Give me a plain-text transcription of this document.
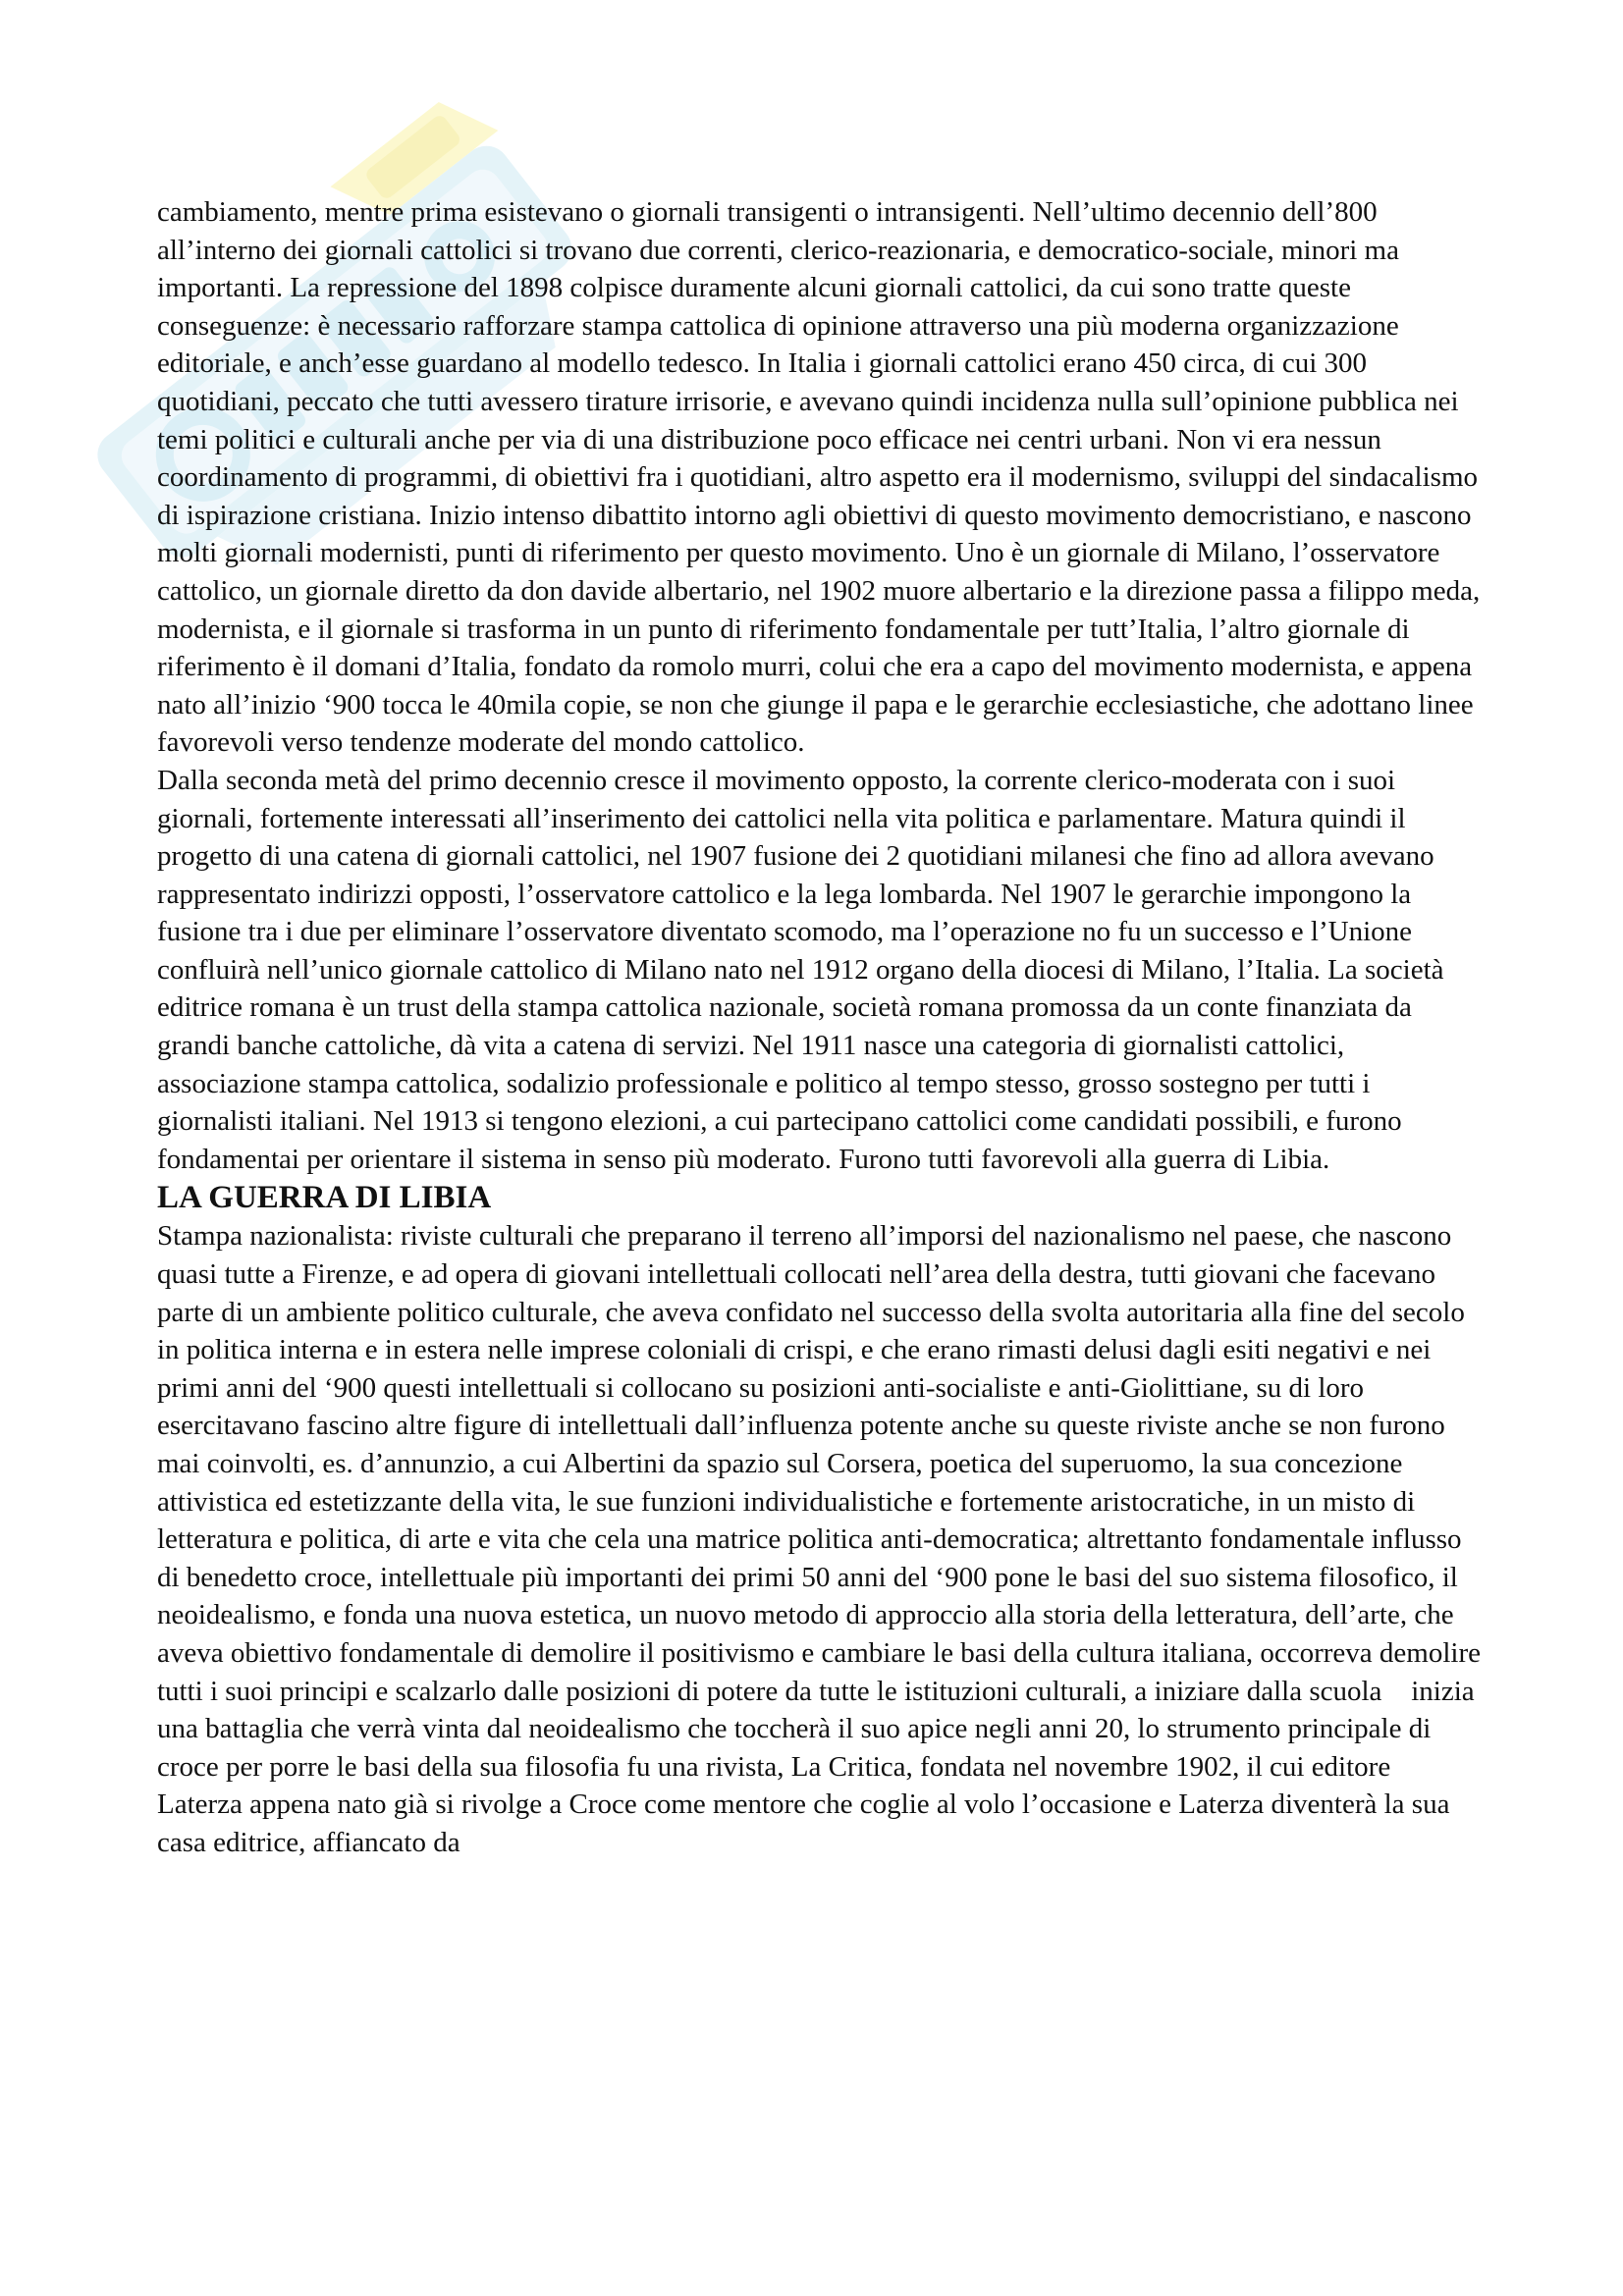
cambiamento, mentre prima esistevano o giornali transigenti o intransigenti. Nell’ultimo decennio dell’800 all’interno dei giornali cattolici si trovano due correnti, clerico-reazionaria, e democratico-sociale, minori ma importanti. La repressione del 1898 colpisce duramente alcuni giornali cattolici, da cui sono tratte queste conseguenze: è necessario rafforzare stampa cattolica di opinione attraverso una più moderna organizzazione editoriale, e anch’esse guardano al modello tedesco. In Italia i giornali cattolici erano 450 circa, di cui 300 quotidiani, peccato che tutti avessero tirature irrisorie, e avevano quindi incidenza nulla sull’opinione pubblica nei temi politici e culturali anche per via di una distribuzione poco efficace nei centri urbani. Non vi era nessun coordinamento di programmi, di obiettivi fra i quotidiani, altro aspetto era il modernismo, sviluppi del sindacalismo di ispirazione cristiana. Inizio intenso dibattito intorno agli obiettivi di questo movimento democristiano, e nascono molti giornali modernisti, punti di riferimento per questo movimento. Uno è un giornale di Milano, l’osservatore cattolico, un giornale diretto da don davide albertario, nel 1902 muore albertario e la direzione passa a filippo meda, modernista, e il giornale si trasforma in un punto di riferimento fondamentale per tutt’Italia, l’altro giornale di riferimento è il domani d’Italia, fondato da romolo murri, colui che era a capo del movimento modernista, e appena nato all’inizio ‘900 tocca le 40mila copie, se non che giunge il papa e le gerarchie ecclesiastiche, che adottano linee favorevoli verso tendenze moderate del mondo cattolico.

Dalla seconda metà del primo decennio cresce il movimento opposto, la corrente clerico-moderata con i suoi giornali, fortemente interessati all’inserimento dei cattolici nella vita politica e parlamentare. Matura quindi il progetto di una catena di giornali cattolici, nel 1907 fusione dei 2 quotidiani milanesi che fino ad allora avevano rappresentato indirizzi opposti, l’osservatore cattolico e la lega lombarda. Nel 1907 le gerarchie impongono la fusione tra i due per eliminare l’osservatore diventato scomodo, ma l’operazione no fu un successo e l’Unione confluirà nell’unico giornale cattolico di Milano nato nel 1912 organo della diocesi di Milano, l’Italia. La società editrice romana è un trust della stampa cattolica nazionale, società romana promossa da un conte finanziata da grandi banche cattoliche, dà vita a catena di servizi. Nel 1911 nasce una categoria di giornalisti cattolici, associazione stampa cattolica, sodalizio professionale e politico al tempo stesso, grosso sostegno per tutti i giornalisti italiani. Nel 1913 si tengono elezioni, a cui partecipano cattolici come candidati possibili, e furono fondamentai per orientare il sistema in senso più moderato. Furono tutti favorevoli alla guerra di Libia.

LA GUERRA DI LIBIA

Stampa nazionalista: riviste culturali che preparano il terreno all’imporsi del nazionalismo nel paese, che nascono quasi tutte a Firenze, e ad opera di giovani intellettuali collocati nell’area della destra, tutti giovani che facevano parte di un ambiente politico culturale, che aveva confidato nel successo della svolta autoritaria alla fine del secolo in politica interna e in estera nelle imprese coloniali di crispi, e che erano rimasti delusi dagli esiti negativi e nei primi anni del ‘900 questi intellettuali si collocano su posizioni anti-socialiste e anti-Giolittiane, su di loro esercitavano fascino altre figure di intellettuali dall’influenza potente anche su queste riviste anche se non furono mai coinvolti, es. d’annunzio, a cui Albertini da spazio sul Corsera, poetica del superuomo, la sua concezione attivistica ed estetizzante della vita, le sue funzioni individualistiche e fortemente aristocratiche, in un misto di letteratura e politica, di arte e vita che cela una matrice politica anti-democratica; altrettanto fondamentale influsso di benedetto croce, intellettuale più importanti dei primi 50 anni del ‘900 pone le basi del suo sistema filosofico, il neoidealismo, e fonda una nuova estetica, un nuovo metodo di approccio alla storia della letteratura, dell’arte, che aveva obiettivo fondamentale di demolire il positivismo e cambiare le basi della cultura italiana, occorreva demolire tutti i suoi principi e scalzarlo dalle posizioni di potere da tutte le istituzioni culturali, a iniziare dalla scuola inizia una battaglia che verrà vinta dal neoidealismo che toccherà il suo apice negli anni 20, lo strumento principale di croce per porre le basi della sua filosofia fu una rivista, La Critica, fondata nel novembre 1902, il cui editore Laterza appena nato già si rivolge a Croce come mentore che coglie al volo l’occasione e Laterza diventerà la sua casa editrice, affiancato da
